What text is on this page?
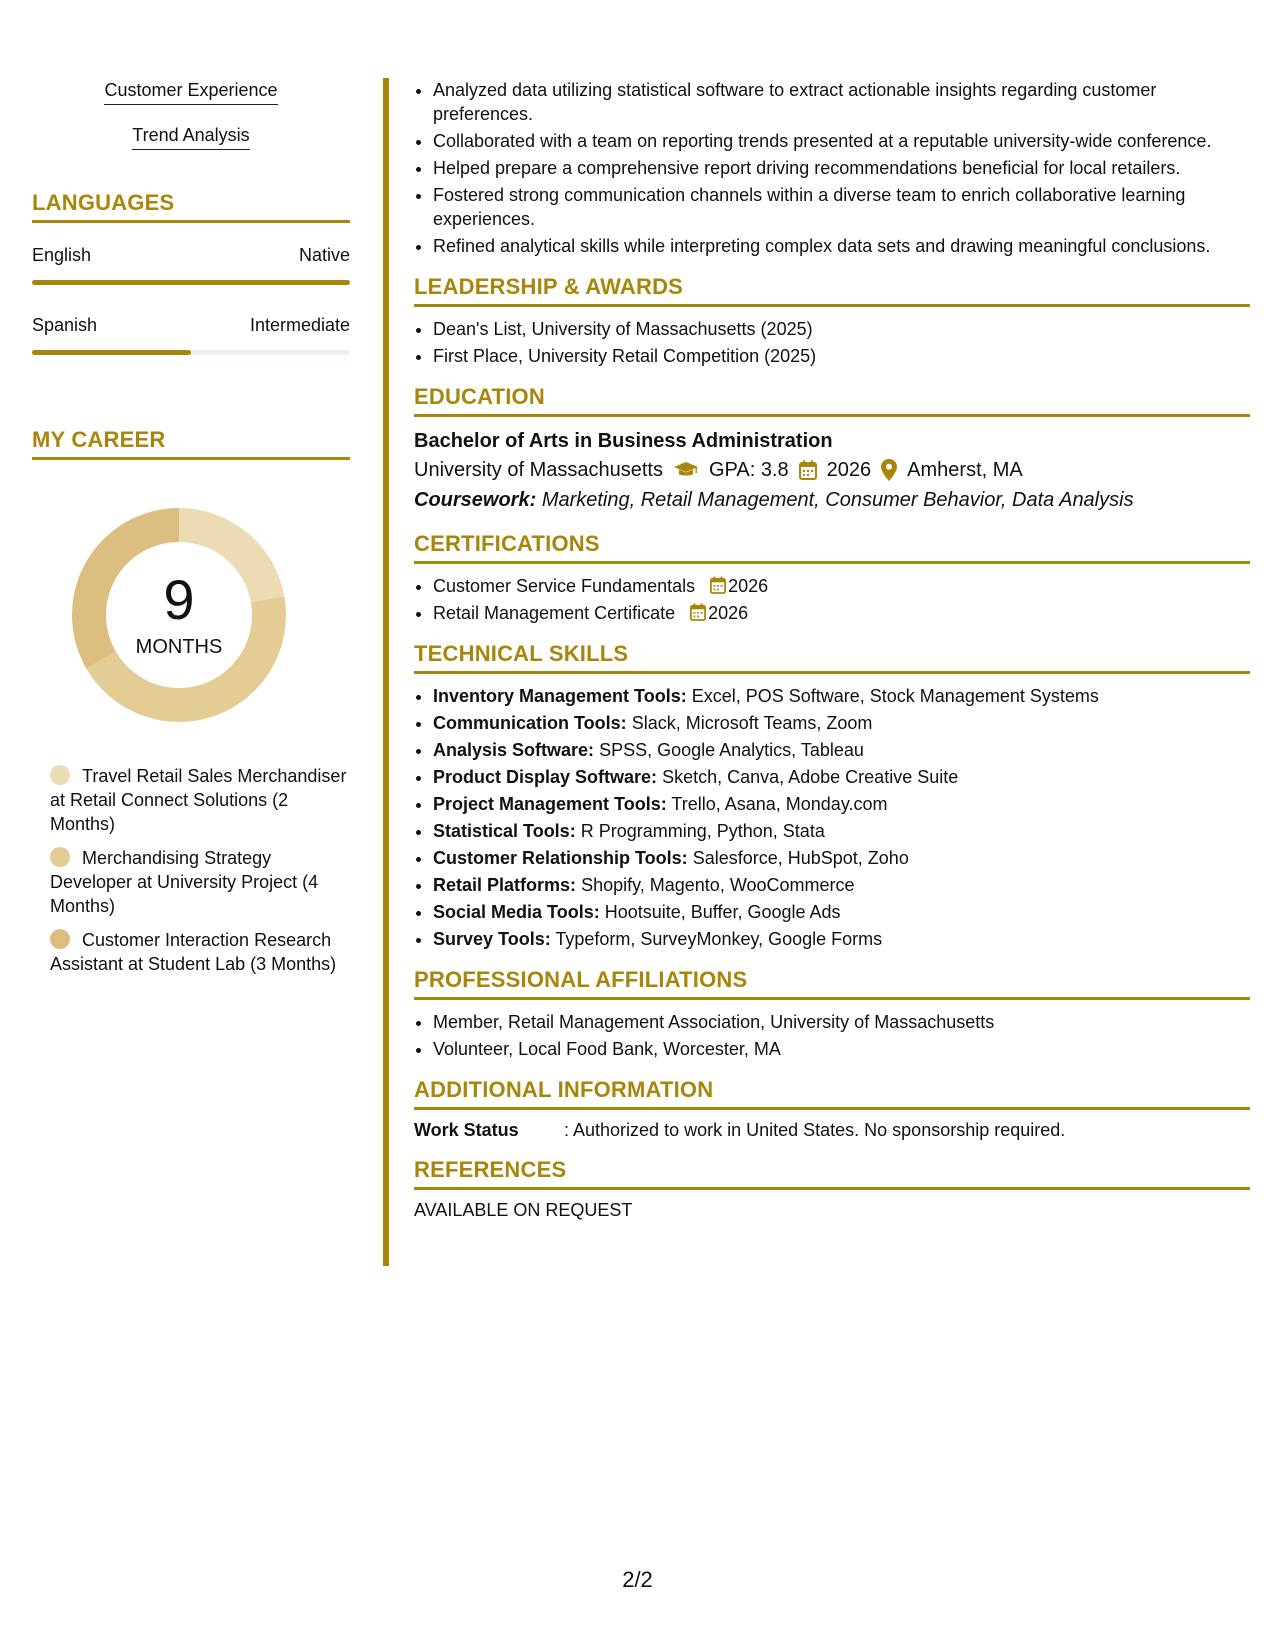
Customer Experience
Trend Analysis
LANGUAGES
English	Native
Spanish	Intermediate
MY CAREER
9
MONTHS
Travel Retail Sales Merchandiser at Retail Connect Solutions (2 Months)
Merchandising Strategy Developer at University Project (4 Months)
Customer Interaction Research Assistant at Student Lab (3 Months)
• Analyzed data utilizing statistical software to extract actionable insights regarding customer preferences.
• Collaborated with a team on reporting trends presented at a reputable university-wide conference.
• Helped prepare a comprehensive report driving recommendations beneficial for local retailers.
• Fostered strong communication channels within a diverse team to enrich collaborative learning experiences.
• Refined analytical skills while interpreting complex data sets and drawing meaningful conclusions.
LEADERSHIP & AWARDS
• Dean's List, University of Massachusetts (2025)
• First Place, University Retail Competition (2025)
EDUCATION
Bachelor of Arts in Business Administration
University of Massachusetts GPA: 3.8 2026 Amherst, MA
Coursework: Marketing, Retail Management, Consumer Behavior, Data Analysis
CERTIFICATIONS
• Customer Service Fundamentals 2026
• Retail Management Certificate 2026
TECHNICAL SKILLS
• Inventory Management Tools: Excel, POS Software, Stock Management Systems
• Communication Tools: Slack, Microsoft Teams, Zoom
• Analysis Software: SPSS, Google Analytics, Tableau
• Product Display Software: Sketch, Canva, Adobe Creative Suite
• Project Management Tools: Trello, Asana, Monday.com
• Statistical Tools: R Programming, Python, Stata
• Customer Relationship Tools: Salesforce, HubSpot, Zoho
• Retail Platforms: Shopify, Magento, WooCommerce
• Social Media Tools: Hootsuite, Buffer, Google Ads
• Survey Tools: Typeform, SurveyMonkey, Google Forms
PROFESSIONAL AFFILIATIONS
• Member, Retail Management Association, University of Massachusetts
• Volunteer, Local Food Bank, Worcester, MA
ADDITIONAL INFORMATION
Work Status	: Authorized to work in United States. No sponsorship required.
REFERENCES
AVAILABLE ON REQUEST
2/2
